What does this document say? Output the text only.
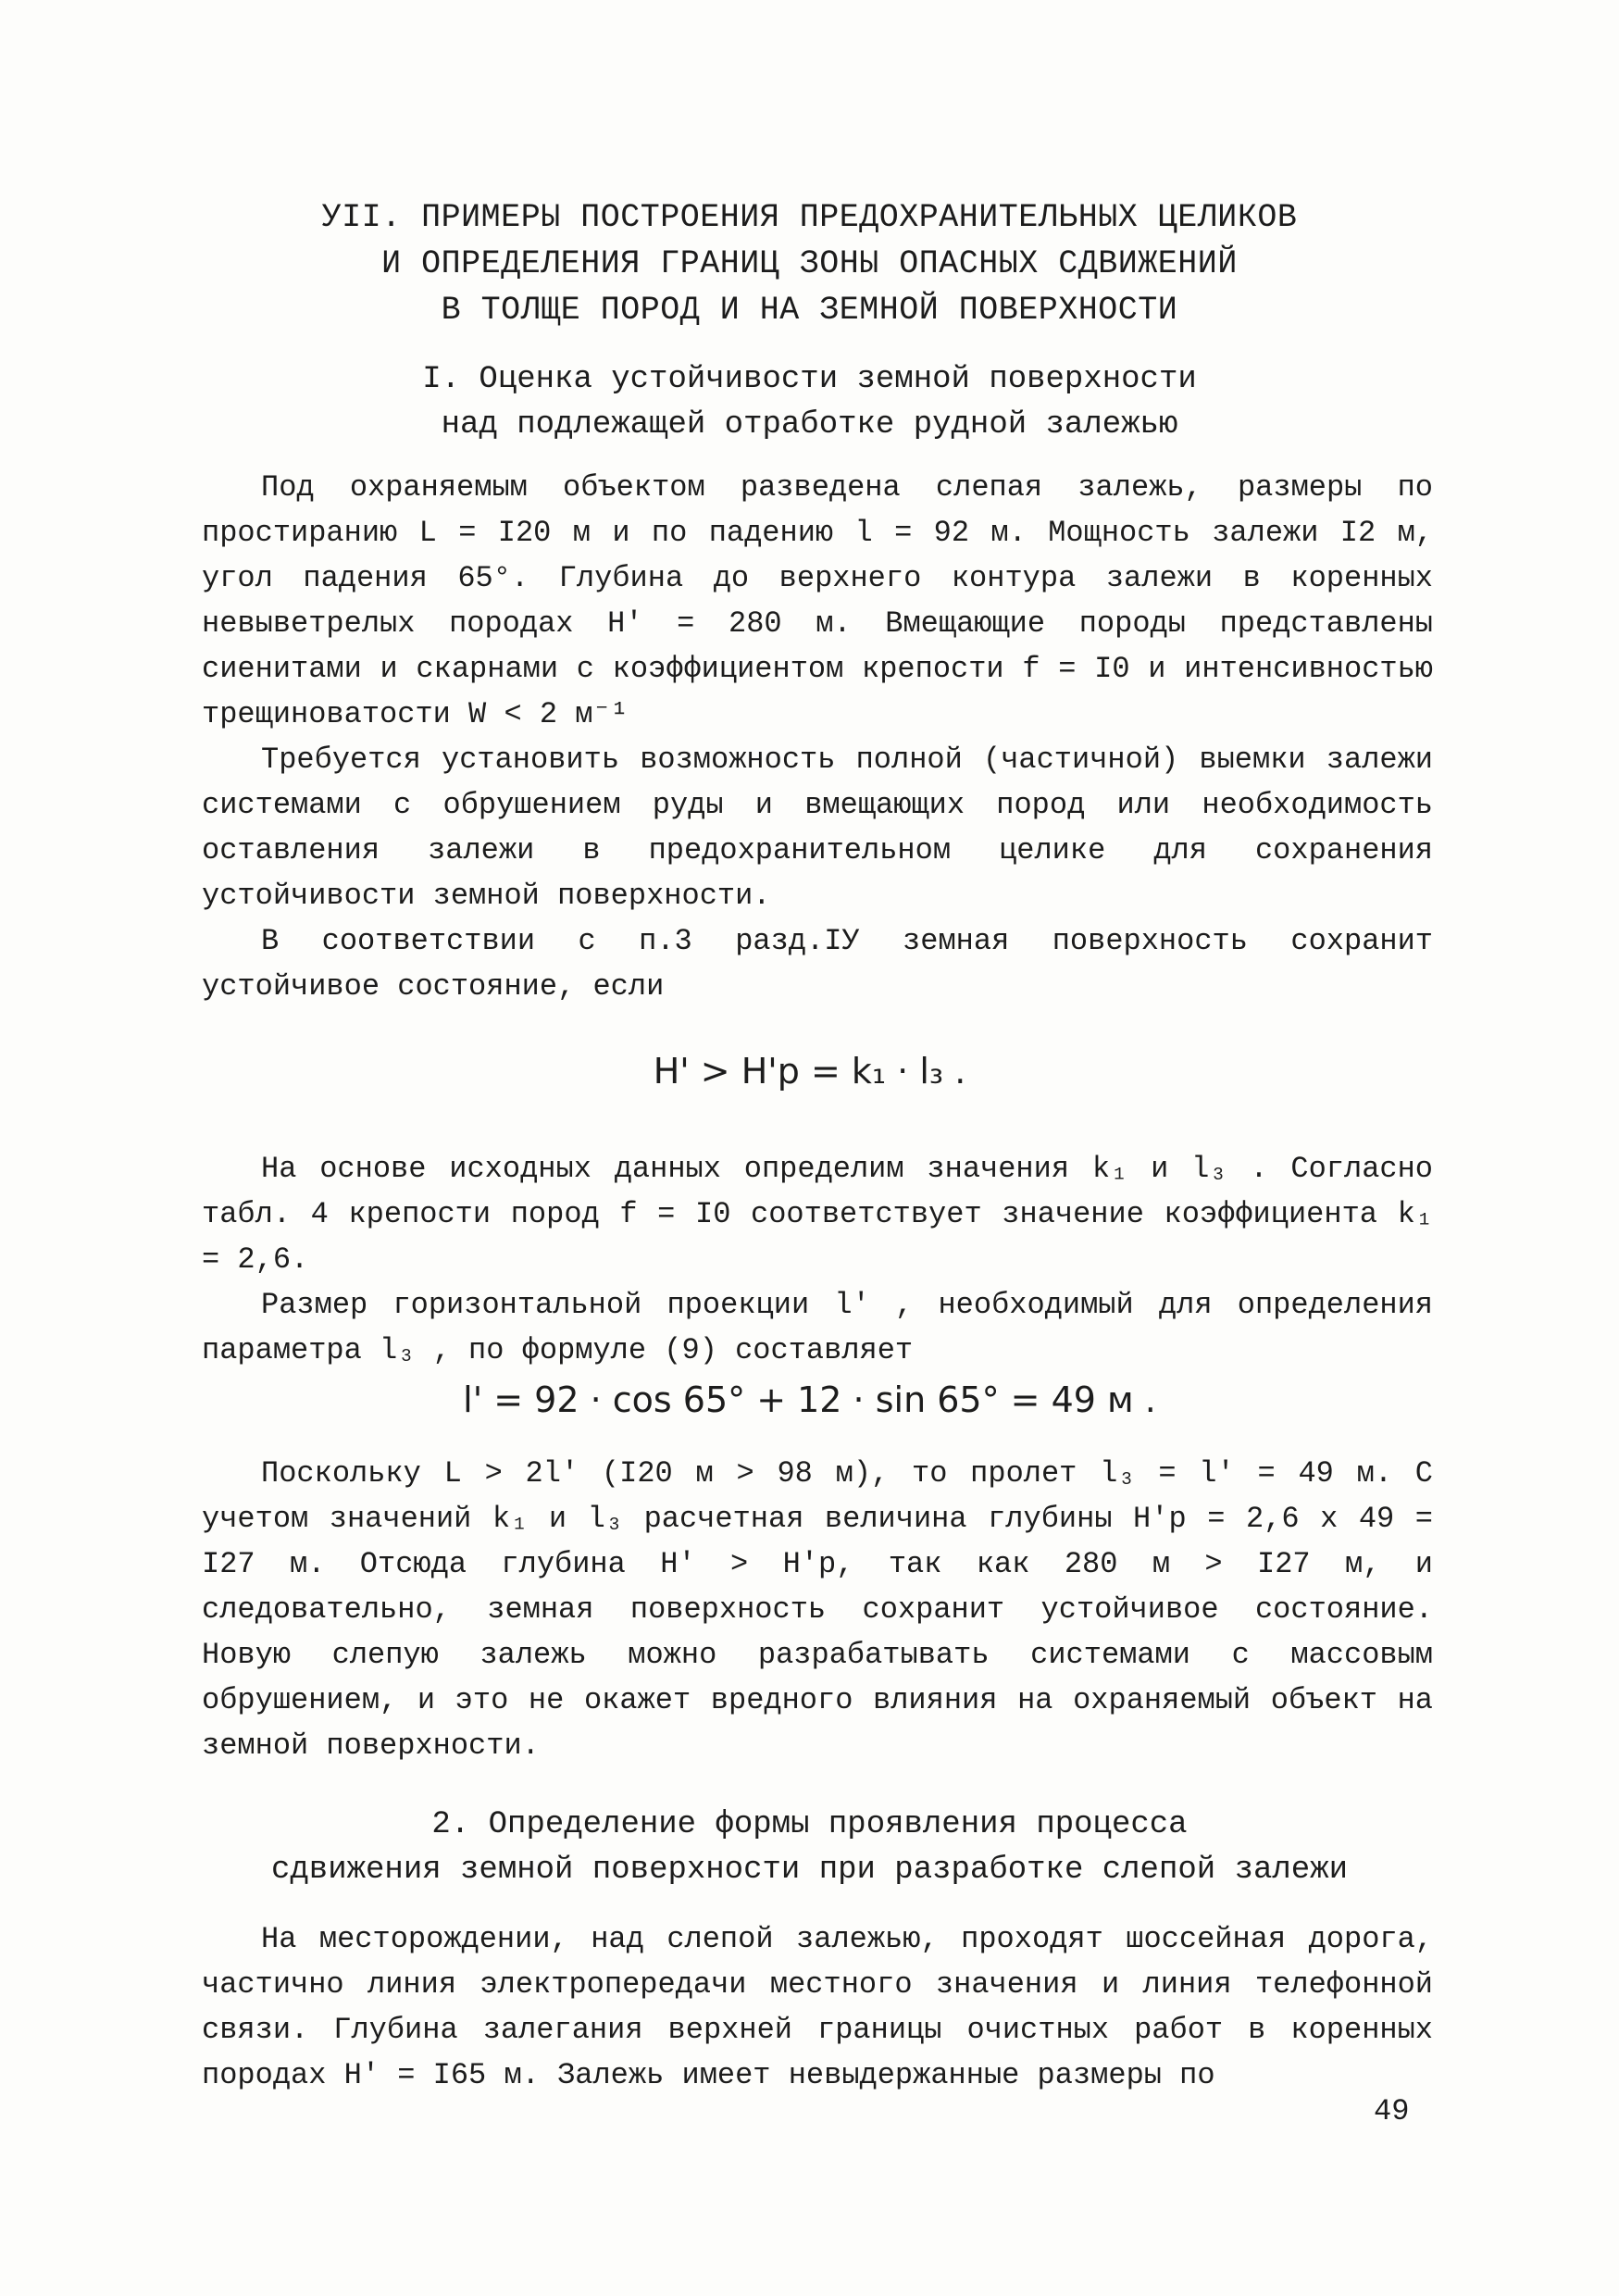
УII. ПРИМЕРЫ ПОСТРОЕНИЯ ПРЕДОХРАНИТЕЛЬНЫХ ЦЕЛИКОВ
И ОПРЕДЕЛЕНИЯ ГРАНИЦ ЗОНЫ ОПАСНЫХ СДВИЖЕНИЙ
В ТОЛЩЕ ПОРОД И НА ЗЕМНОЙ ПОВЕРХНОСТИ
I. Оценка устойчивости земной поверхности
над подлежащей отработке рудной залежью

Под охраняемым объектом разведена слепая залежь, размеры по простиранию L = I20 м и по падению l = 92 м. Мощность залежи I2 м, угол падения 65°. Глубина до верхнего контура залежи в коренных невыветрелых породах H' = 280 м. Вмещающие породы представлены сиенитами и скарнами с коэффициентом крепости f = I0 и интенсивностью трещиноватости W < 2 м⁻¹

Требуется установить возможность полной (частичной) выемки залежи системами с обрушением руды и вмещающих пород или необходимость оставления залежи в предохранительном целике для сохранения устойчивости земной поверхности.

В соответствии с п.3 разд.IУ земная поверхность сохранит устойчивое состояние, если

H' > H'p = k₁ · l₃ .

На основе исходных данных определим значения k₁ и l₃ . Согласно табл. 4 крепости пород f = I0 соответствует значение коэффициента k₁ = 2,6.

Размер горизонтальной проекции l' , необходимый для определения параметра l₃ , по формуле (9) составляет

l' = 92 · cos 65° + 12 · sin 65° = 49 м .

Поскольку L > 2l' (I20 м > 98 м), то пролет l₃ = l' = 49 м. С учетом значений k₁ и l₃ расчетная величина глубины H'p = 2,6 х 49 = I27 м. Отсюда глубина H' > H'p, так как 280 м > I27 м, и следовательно, земная поверхность сохранит устойчивое состояние. Новую слепую залежь можно разрабатывать системами с массовым обрушением, и это не окажет вредного влияния на охраняемый объект на земной поверхности.

2. Определение формы проявления процесса
сдвижения земной поверхности при разработке слепой залежи

На месторождении, над слепой залежью, проходят шоссейная дорога, частично линия электропередачи местного значения и линия телефонной связи. Глубина залегания верхней границы очистных работ в коренных породах H' = I65 м. Залежь имеет невыдержанные размеры по

49
